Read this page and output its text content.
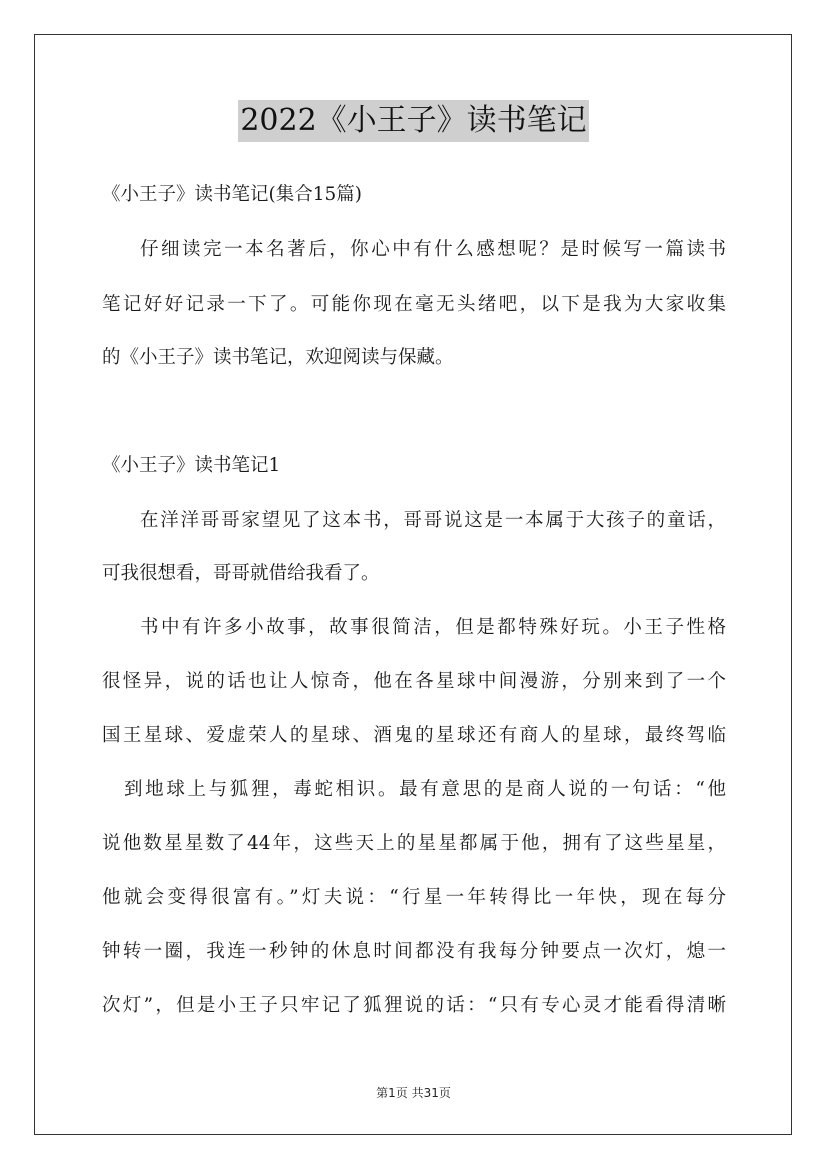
2022《小王子》读书笔记
《小王子》读书笔记(集合15篇)
仔细读完一本名著后，你心中有什么感想呢？是时候写一篇读书
笔记好好记录一下了。可能你现在毫无头绪吧，以下是我为大家收集
的《小王子》读书笔记，欢迎阅读与保藏。
《小王子》读书笔记1
在洋洋哥哥家望见了这本书，哥哥说这是一本属于大孩子的童话，
可我很想看，哥哥就借给我看了。
书中有许多小故事，故事很简洁，但是都特殊好玩。小王子性格
很怪异，说的话也让人惊奇，他在各星球中间漫游，分别来到了一个
国王星球、爱虚荣人的星球、酒鬼的星球还有商人的星球，最终驾临
到地球上与狐狸，毒蛇相识。最有意思的是商人说的一句话：“他
说他数星星数了44年，这些天上的星星都属于他，拥有了这些星星，
他就会变得很富有。”灯夫说：“行星一年转得比一年快，现在每分
钟转一圈，我连一秒钟的休息时间都没有我每分钟要点一次灯，熄一
次灯”，但是小王子只牢记了狐狸说的话：“只有专心灵才能看得清晰
第1页 共31页
